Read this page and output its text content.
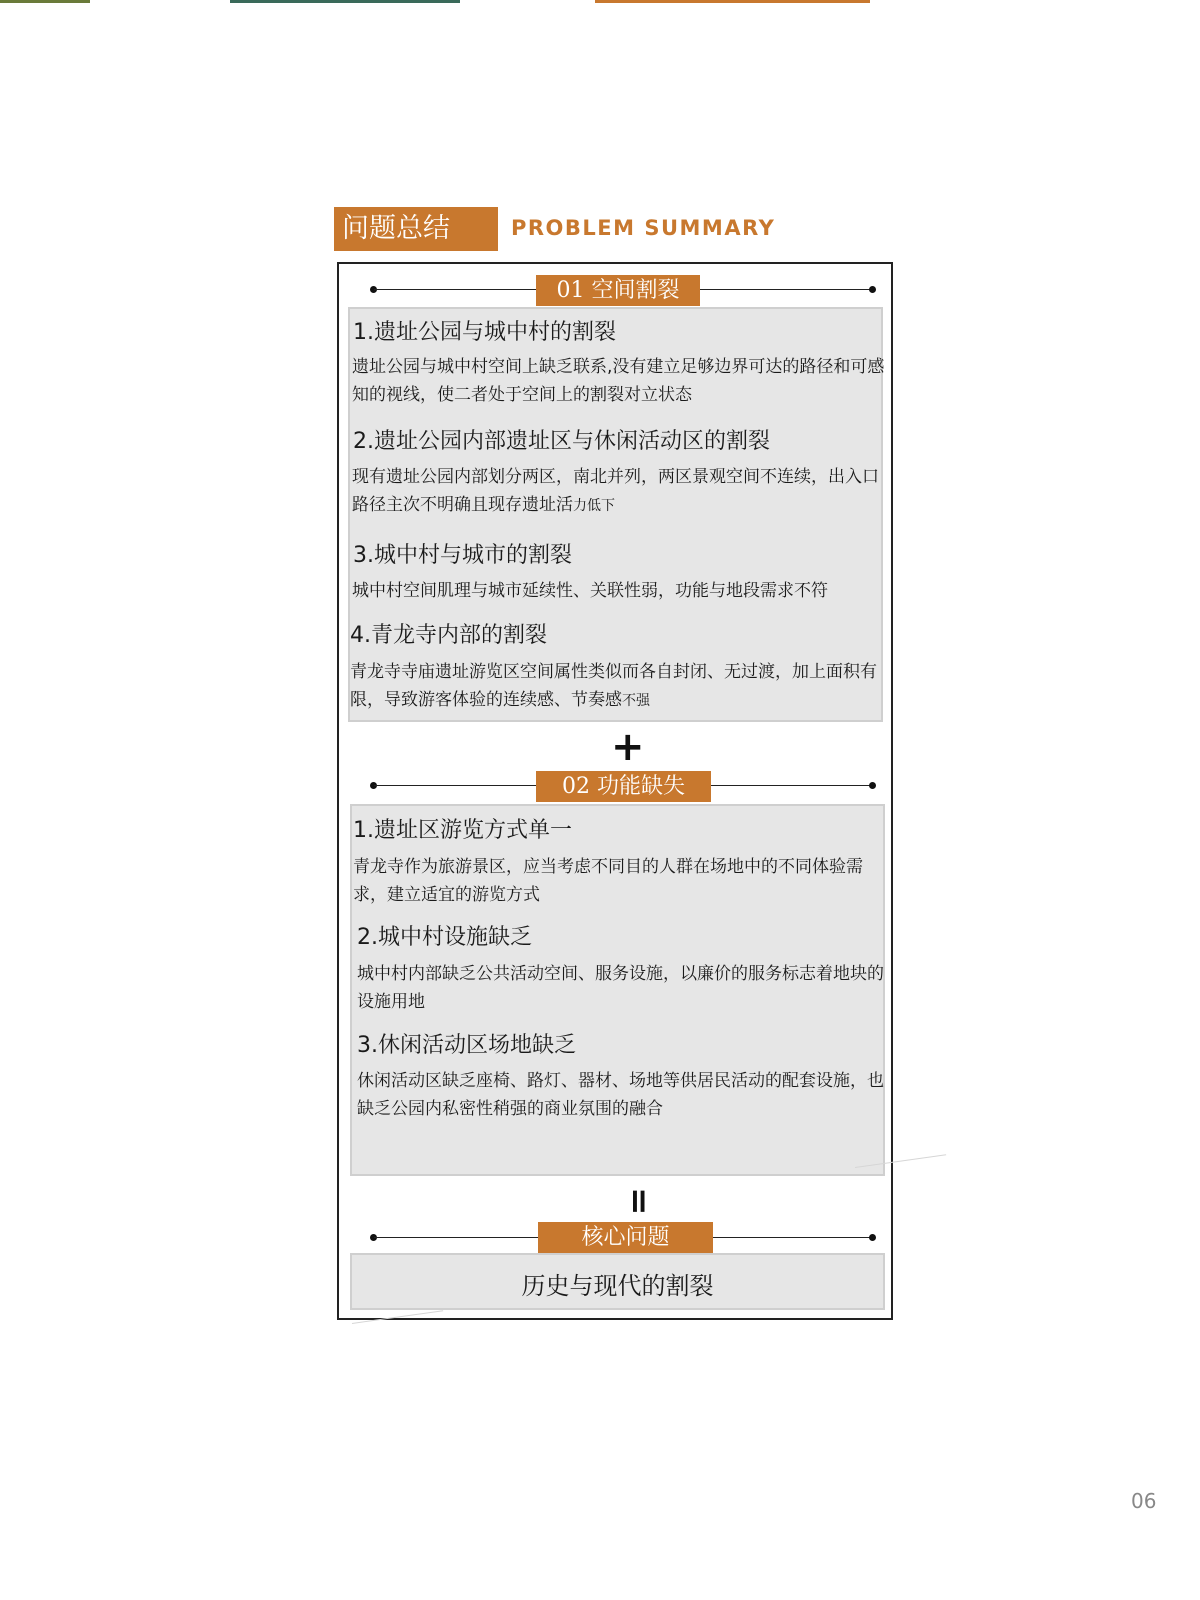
问题总结	PROBLEM SUMMARY
01 空间割裂
1.遗址公园与城中村的割裂
遗址公园与城中村空间上缺乏联系,没有建立足够边界可达的路径和可感知的视线，使二者处于空间上的割裂对立状态
2.遗址公园内部遗址区与休闲活动区的割裂
现有遗址公园内部划分两区，南北并列，两区景观空间不连续，出入口路径主次不明确且现存遗址活力低下
3.城中村与城市的割裂
城中村空间肌理与城市延续性、关联性弱，功能与地段需求不符
4.青龙寺内部的割裂
青龙寺寺庙遗址游览区空间属性类似而各自封闭、无过渡，加上面积有限，导致游客体验的连续感、节奏感不强
+
02 功能缺失
1.遗址区游览方式单一
青龙寺作为旅游景区，应当考虑不同目的人群在场地中的不同体验需求，建立适宜的游览方式
2.城中村设施缺乏
城中村内部缺乏公共活动空间、服务设施，以廉价的服务标志着地块的设施用地
3.休闲活动区场地缺乏
休闲活动区缺乏座椅、路灯、器材、场地等供居民活动的配套设施，也缺乏公园内私密性稍强的商业氛围的融合
=
核心问题
历史与现代的割裂
06
